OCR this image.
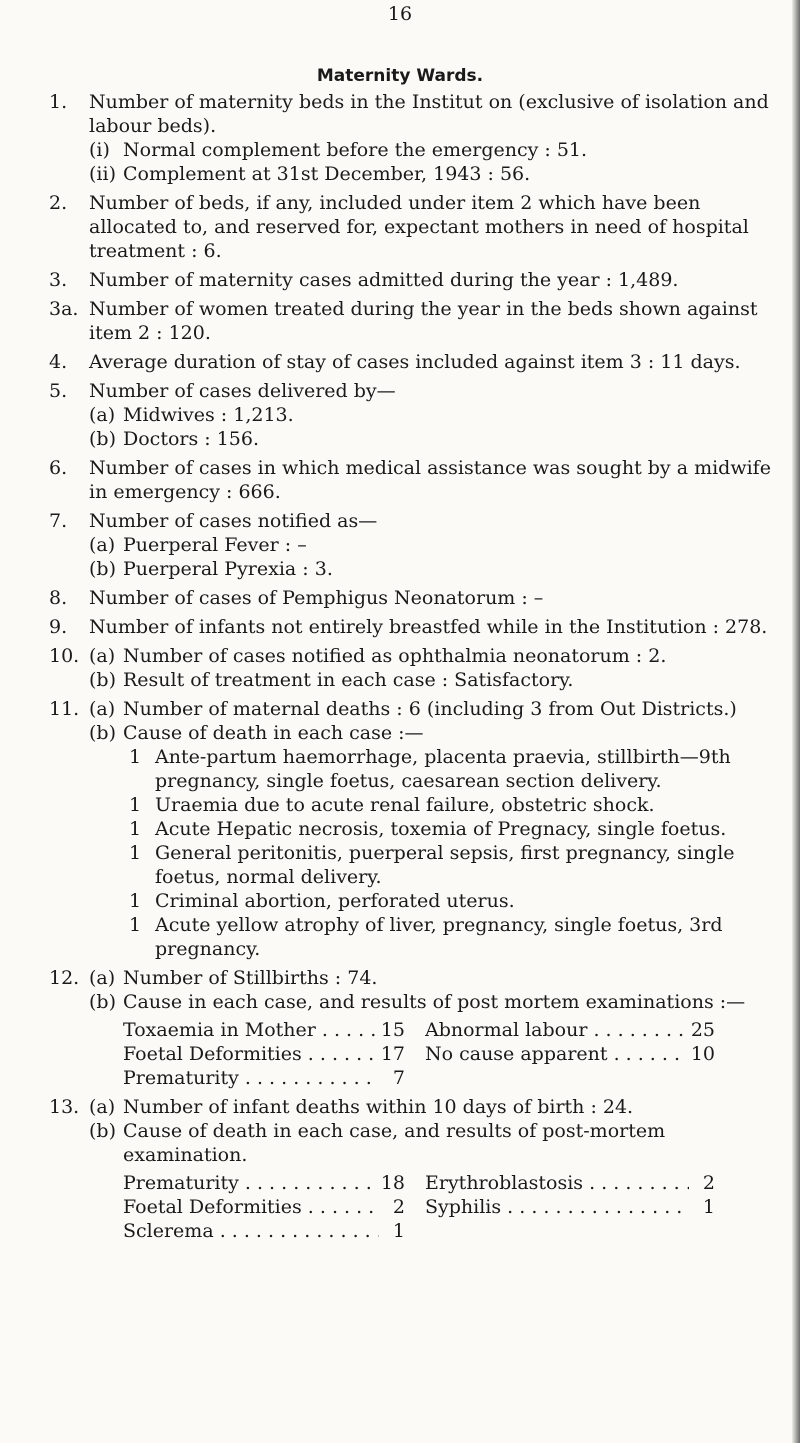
16
Maternity Wards.
1.	Number of maternity beds in the Institut on (exclusive of isolation and labour beds).
(i) Normal complement before the emergency : 51.
(ii) Complement at 31st December, 1943 : 56.
2.	Number of beds, if any, included under item 2 which have been allocated to, and reserved for, expectant mothers in need of hospital treatment : 6.
3.	Number of maternity cases admitted during the year : 1,489.
3a. Number of women treated during the year in the beds shown against item 2 : 120.
4.	Average duration of stay of cases included against item 3 : 11 days.
5.	Number of cases delivered by—
(a) Midwives : 1,213.
(b) Doctors : 156.
6.	Number of cases in which medical assistance was sought by a midwife in emergency : 666.
7.	Number of cases notified as—
(a) Puerperal Fever : –
(b) Puerperal Pyrexia : 3.
8.	Number of cases of Pemphigus Neonatorum : –
9.	Number of infants not entirely breastfed while in the Institution : 278.
10. (a) Number of cases notified as ophthalmia neonatorum : 2.
(b) Result of treatment in each case : Satisfactory.
11. (a) Number of maternal deaths : 6 (including 3 from Out Districts.)
(b) Cause of death in each case :—
1 Ante-partum haemorrhage, placenta praevia, stillbirth—9th pregnancy, single foetus, caesarean section delivery.
1 Uraemia due to acute renal failure, obstetric shock.
1 Acute Hepatic necrosis, toxemia of Pregnacy, single foetus.
1 General peritonitis, puerperal sepsis, first pregnancy, single foetus, normal delivery.
1 Criminal abortion, perforated uterus.
1 Acute yellow atrophy of liver, pregnancy, single foetus, 3rd pregnancy.
12. (a) Number of Stillbirths : 74.
(b) Cause in each case, and results of post mortem examinations :—
Toxaemia in Mother . . .	15 Abnormal labour . . .	25
Foetal Deformities . . .	17 No cause apparent . . .	10
Prematurity . . .	7
13. (a) Number of infant deaths within 10 days of birth : 24.
(b) Cause of death in each case, and results of post-mortem examination.
Prematurity . . .	18 Erythroblastosis . . .	2
Foetal Deformities . . .	2 Syphilis . . .	1
Sclerema . . .	1
